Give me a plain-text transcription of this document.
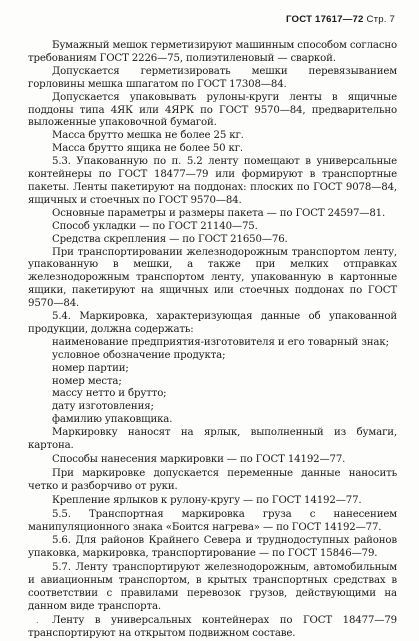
ГОСТ 17617—72 Стр. 7

Бумажный мешок герметизируют машинным способом согласно требованиям ГОСТ 2226—75, полиэтиленовый — сваркой.

Допускается герметизировать мешки перевязыванием горловины мешка шпагатом по ГОСТ 17308—84.

Допускается упаковывать рулоны-круги ленты в ящичные поддоны типа 4ЯК или 4ЯРК по ГОСТ 9570—84, предварительно выложенные упаковочной бумагой.

Масса брутто мешка не более 25 кг.

Масса брутто ящика не более 50 кг.

5.3. Упакованную по п. 5.2 ленту помещают в универсальные контейнеры по ГОСТ 18477—79 или формируют в транспортные пакеты. Ленты пакетируют на поддонах: плоских по ГОСТ 9078—84, ящичных и стоечных по ГОСТ 9570—84.

Основные параметры и размеры пакета — по ГОСТ 24597—81.

Способ укладки — по ГОСТ 21140—75.

Средства скрепления — по ГОСТ 21650—76.

При транспортировании железнодорожным транспортом ленту, упакованную в мешки, а также при мелких отправках железнодорожным транспортом ленту, упакованную в картонные ящики, пакетируют на ящичных или стоечных поддонах по ГОСТ 9570—84.

5.4. Маркировка, характеризующая данные об упакованной продукции, должна содержать:

наименование предприятия-изготовителя и его товарный знак;

условное обозначение продукта;

номер партии;

номер места;

массу нетто и брутто;

дату изготовления;

фамилию упаковщика.

Маркировку наносят на ярлык, выполненный из бумаги, картона.

Способы нанесения маркировки — по ГОСТ 14192—77.

При маркировке допускается переменные данные наносить четко и разборчиво от руки.

Крепление ярлыков к рулону-кругу — по ГОСТ 14192—77.

5.5. Транспортная маркировка груза с нанесением манипуляционного знака «Боится нагрева» — по ГОСТ 14192—77.

5.6. Для районов Крайнего Севера и труднодоступных районов упаковка, маркировка, транспортирование — по ГОСТ 15846—79.

5.7. Ленту транспортируют железнодорожным, автомобильным и авиационным транспортом, в крытых транспортных средствах в соответствии с правилами перевозок грузов, действующими на данном виде транспорта.

Ленту в универсальных контейнерах по ГОСТ 18477—79 транспортируют на открытом подвижном составе.

.
